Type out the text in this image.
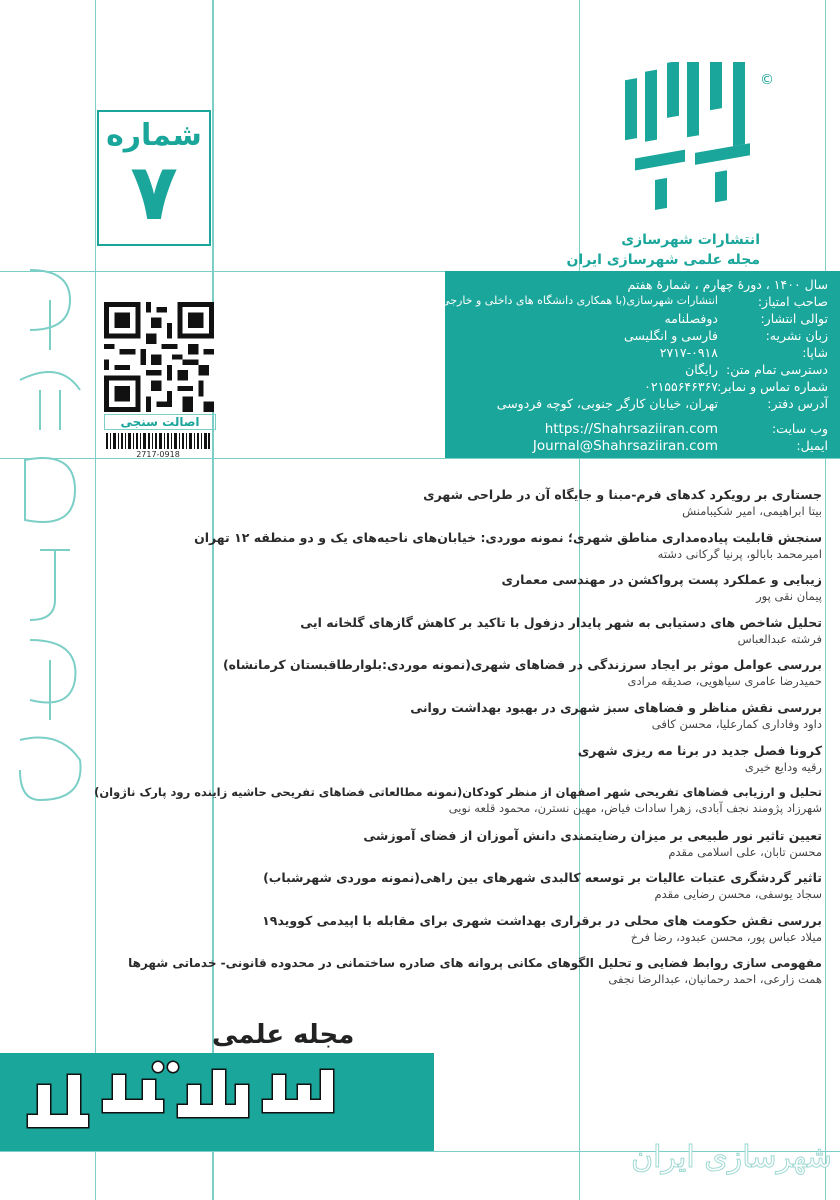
شماره
۷
©
انتشارات شهرسازی
مجله علمی شهرسازی ایران
اصالت سنجی
2717-0918
سال ۱۴۰۰ ، دورۀ چهارم ، شمارۀ هفتم
صاحب امتیاز:
انتشارات شهرسازی(با همکاری دانشگاه های داخلی و خارجی)
توالی انتشار:
دوفصلنامه
زبان نشریه:
فارسی و انگلیسی
شاپا:
۲۷۱۷-۰۹۱۸
دسترسی تمام متن:
رایگان
شماره تماس و نمابر:
۰۲۱۵۵۶۴۶۳۶۷
آدرس دفتر:
تهران، خیابان کارگر جنوبی، کوچه فردوسی
وب سایت:
https://Shahrsaziiran.com
ایمیل:
Journal@Shahrsaziiran.com
جستاری بر رویکرد کدهای فرم-مبنا و جایگاه آن در طراحی شهری
بیتا ابراهیمی، امیر شکیبامنش
سنجش قابلیت پیاده‌مداری مناطق شهری؛ نمونه موردی: خیابان‌های ناحیه‌های یک و دو منطقه ۱۲ تهران
امیرمحمد بابالو، پرنیا گرکانی دشته
زیبایی و عملکرد پست پرواکشن در مهندسی معماری
پیمان نقی پور
تحلیل شاخص های دستیابی به شهر پایدار دزفول با تاکید بر کاهش گازهای گلخانه ایی
فرشته عبدالعباس
بررسی عوامل موثر بر ایجاد سرزندگی در فضاهای شهری(نمونه موردی:بلوارطاقبستان کرمانشاه)
حمیدرضا عامری سیاهویی، صدیقه مرادی
بررسی نقش مناظر و فضاهای سبز شهری در بهبود بهداشت روانی
داود وفاداری کمارعلیا، محسن کافی
کرونا فصل جدید در برنا مه ریزی شهری
رقیه ودایع خیری
تحلیل و ارزیابی فضاهای تفریحی شهر اصفهان از منظر کودکان(نمونه مطالعاتی فضاهای تفریحی حاشیه زاینده رود پارک ناژوان)
شهرزاد پژومند نجف آبادی، زهرا سادات فیاض، مهین نسترن، محمود قلعه نویی
تعیین تاثیر نور طبیعی بر میزان رضایتمندی دانش آموزان از فضای آموزشی
محسن تابان، علی اسلامی مقدم
تاثیر گردشگری عتبات عالیات بر توسعه کالبدی شهرهای بین راهی(نمونه موردی شهرشباب)
سجاد یوسفی، محسن رضایی مقدم
بررسی نقش حکومت های محلی در برقراری بهداشت شهری برای مقابله با اپیدمی کووید۱۹
میلاد عباس پور، محسن عبدود، رضا فرخ
مفهومی سازی روابط فضایی و تحلیل الگوهای مکانی پروانه های صادره ساختمانی در محدوده قانونی- خدماتی شهرها
همت زارعی، احمد رحمانیان، عبدالرضا نجفی
مجله علمی
شهرسازی ایران
